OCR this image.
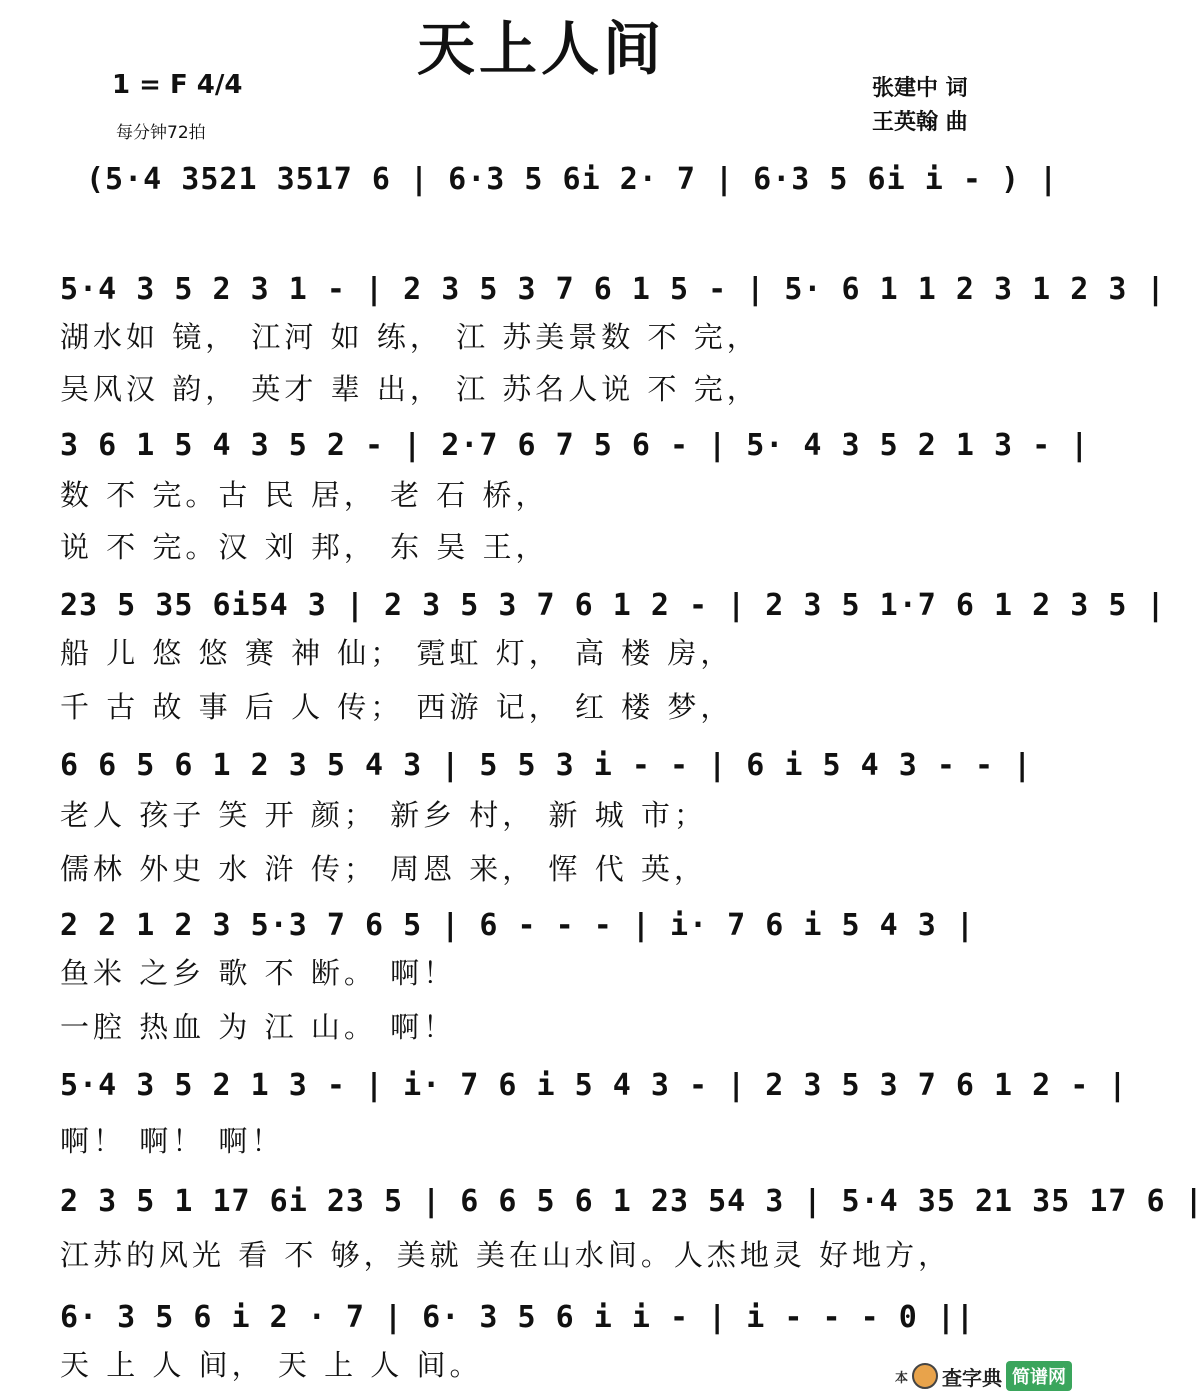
天上人间
1 = F 4/4
每分钟72拍
张建中 词
王英翰 曲
(5·4 3521 3517 6 | 6·3 5 6i 2· 7 | 6·3 5 6i i - ) |
5·4 3 5 2 3 1 - | 2 3 5 3 7 6 1 5 - | 5· 6 1 1 2 3 1 2 3 |
湖水如 镜， 江河 如 练， 江 苏美景数 不 完，
吴风汉 韵， 英才 辈 出， 江 苏名人说 不 完，
3 6 1 5 4 3 5 2 - | 2·7 6 7 5 6 - | 5· 4 3 5 2 1 3 - |
数 不 完。古 民 居， 老 石 桥，
说 不 完。汉 刘 邦， 东 吴 王，
23 5 35 6i54 3 | 2 3 5 3 7 6 1 2 - | 2 3 5 1·7 6 1 2 3 5 |
船 儿 悠 悠 赛 神 仙； 霓虹 灯， 高 楼 房，
千 古 故 事 后 人 传； 西游 记， 红 楼 梦，
6 6 5 6 1 2 3 5 4 3 | 5 5 3 i - - | 6 i 5 4 3 - - |
老人 孩子 笑 开 颜； 新乡 村， 新 城 市；
儒林 外史 水 浒 传； 周恩 来， 恽 代 英，
2 2 1 2 3 5·3 7 6 5 | 6 - - - | i· 7 6 i 5 4 3 |
鱼米 之乡 歌 不 断。 啊！
一腔 热血 为 江 山。 啊！
5·4 3 5 2 1 3 - | i· 7 6 i 5 4 3 - | 2 3 5 3 7 6 1 2 - |
啊！ 啊！ 啊！
2 3 5 1 17 6i 23 5 | 6 6 5 6 1 23 54 3 | 5·4 35 21 35 17 6 |
江苏的风光 看 不 够，美就 美在山水间。人杰地灵 好地方，
6· 3 5 6 i 2 · 7 | 6· 3 5 6 i i - | i - - - 0 ||
天 上 人 间， 天 上 人 间。	本 查字典 简谱网
